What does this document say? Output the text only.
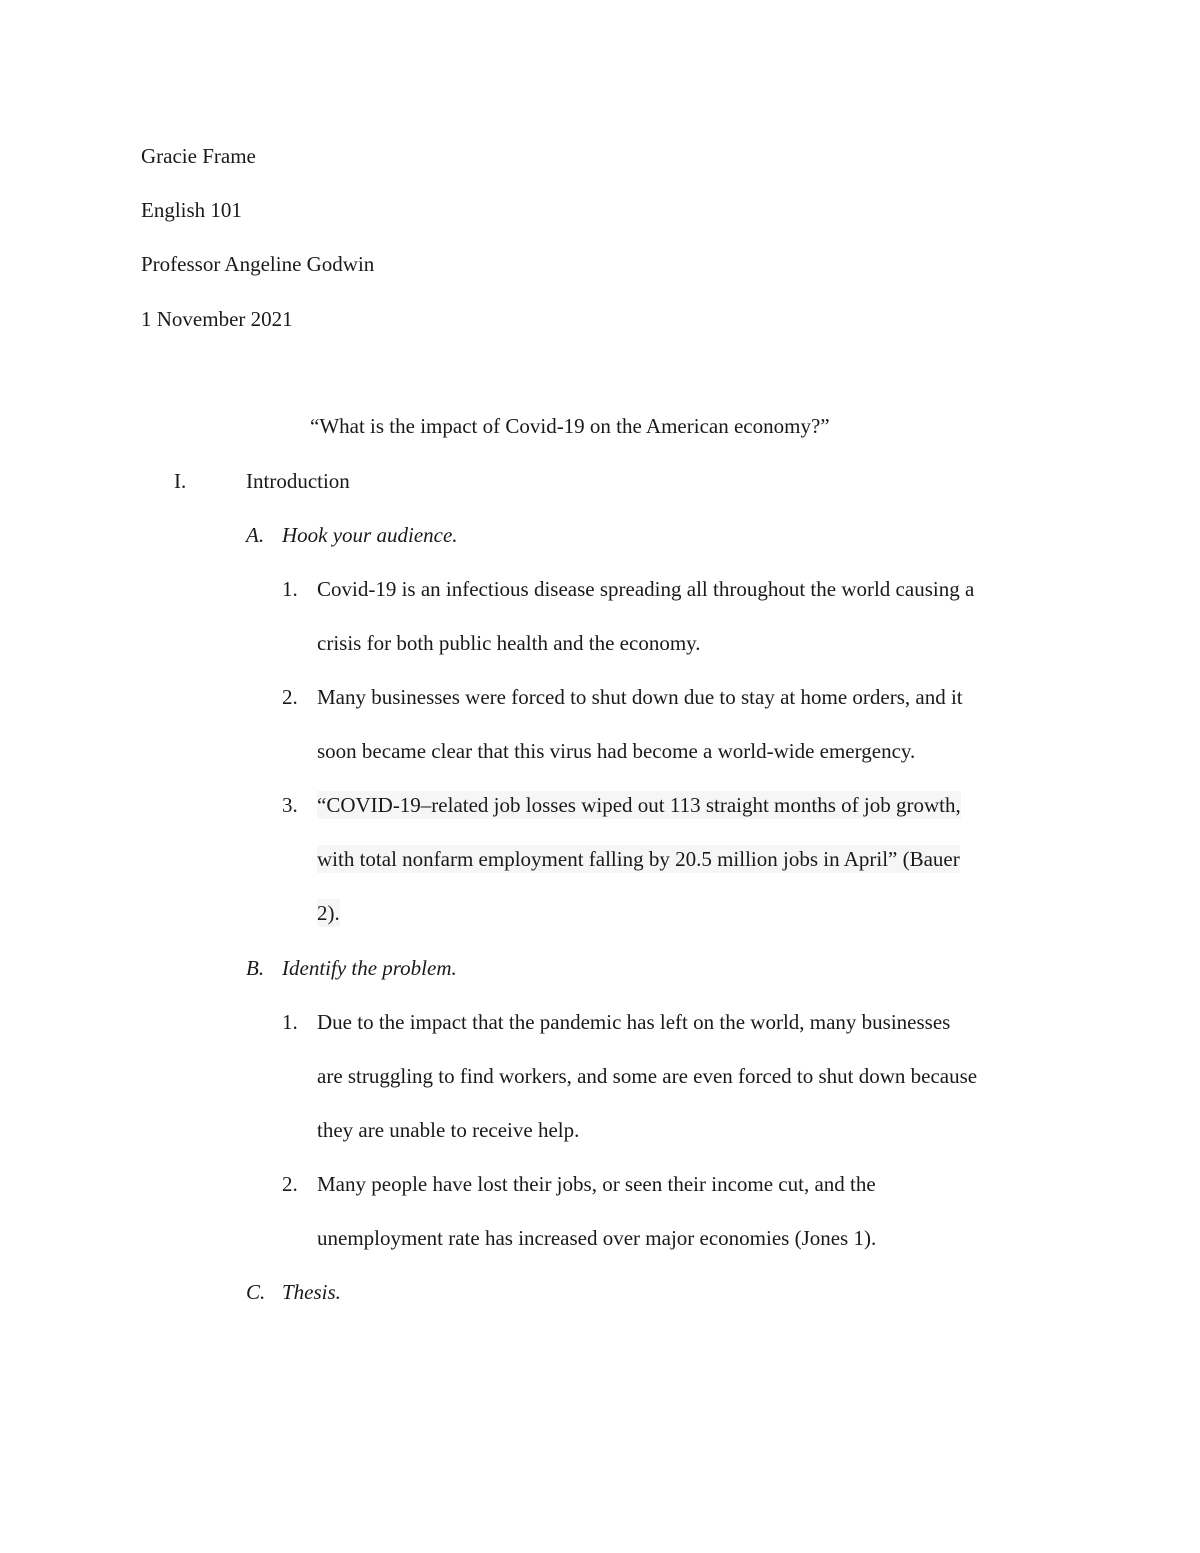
Gracie Frame
English 101
Professor Angeline Godwin
1 November 2021
“What is the impact of Covid-19 on the American economy?”
I.	Introduction
A. Hook your audience.
1. Covid-19 is an infectious disease spreading all throughout the world causing a
crisis for both public health and the economy.
2. Many businesses were forced to shut down due to stay at home orders, and it
soon became clear that this virus had become a world-wide emergency.
3. “COVID-19–related job losses wiped out 113 straight months of job growth,
with total nonfarm employment falling by 20.5 million jobs in April” (Bauer
2).
B. Identify the problem.
1. Due to the impact that the pandemic has left on the world, many businesses
are struggling to find workers, and some are even forced to shut down because
they are unable to receive help.
2. Many people have lost their jobs, or seen their income cut, and the
unemployment rate has increased over major economies (Jones 1).
C. Thesis.
